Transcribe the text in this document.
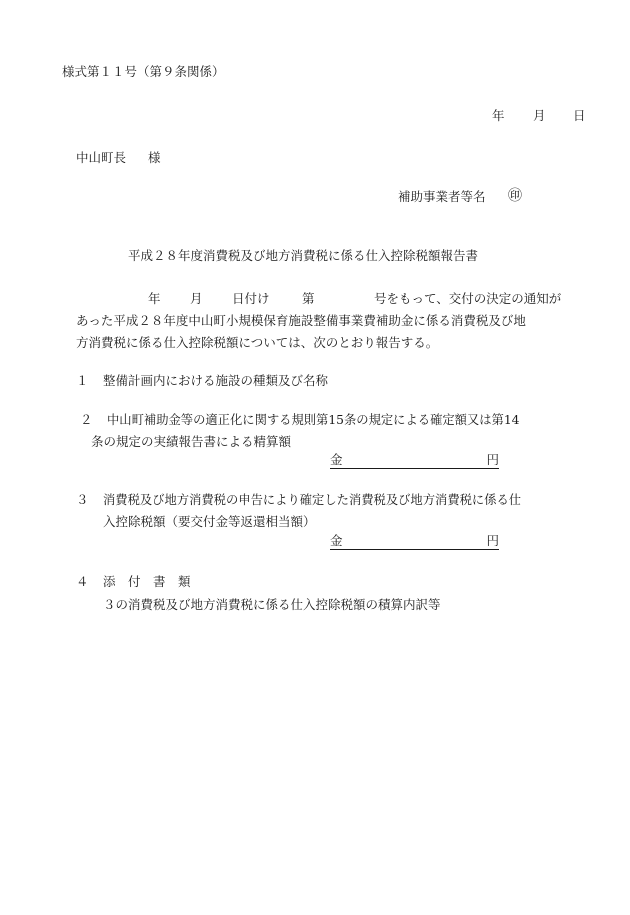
様式第１１号（第９条関係）
年 月 日
中山町長 様
補助事業者等名 ㊞
平成２８年度消費税及び地方消費税に係る仕入控除税額報告書
年 月 日付け	第	号をもって、交付の決定の通知が
あった平成２８年度中山町小規模保育施設整備事業費補助金に係る消費税及び地
方消費税に係る仕入控除税額については、次のとおり報告する。
１ 整備計画内における施設の種類及び名称
２ 中山町補助金等の適正化に関する規則第15条の規定による確定額又は第14
条の規定の実績報告書による精算額
金	円
３ 消費税及び地方消費税の申告により確定した消費税及び地方消費税に係る仕
入控除税額（要交付金等返還相当額）
金	円
４ 添　付　書　類
３の消費税及び地方消費税に係る仕入控除税額の積算内訳等
